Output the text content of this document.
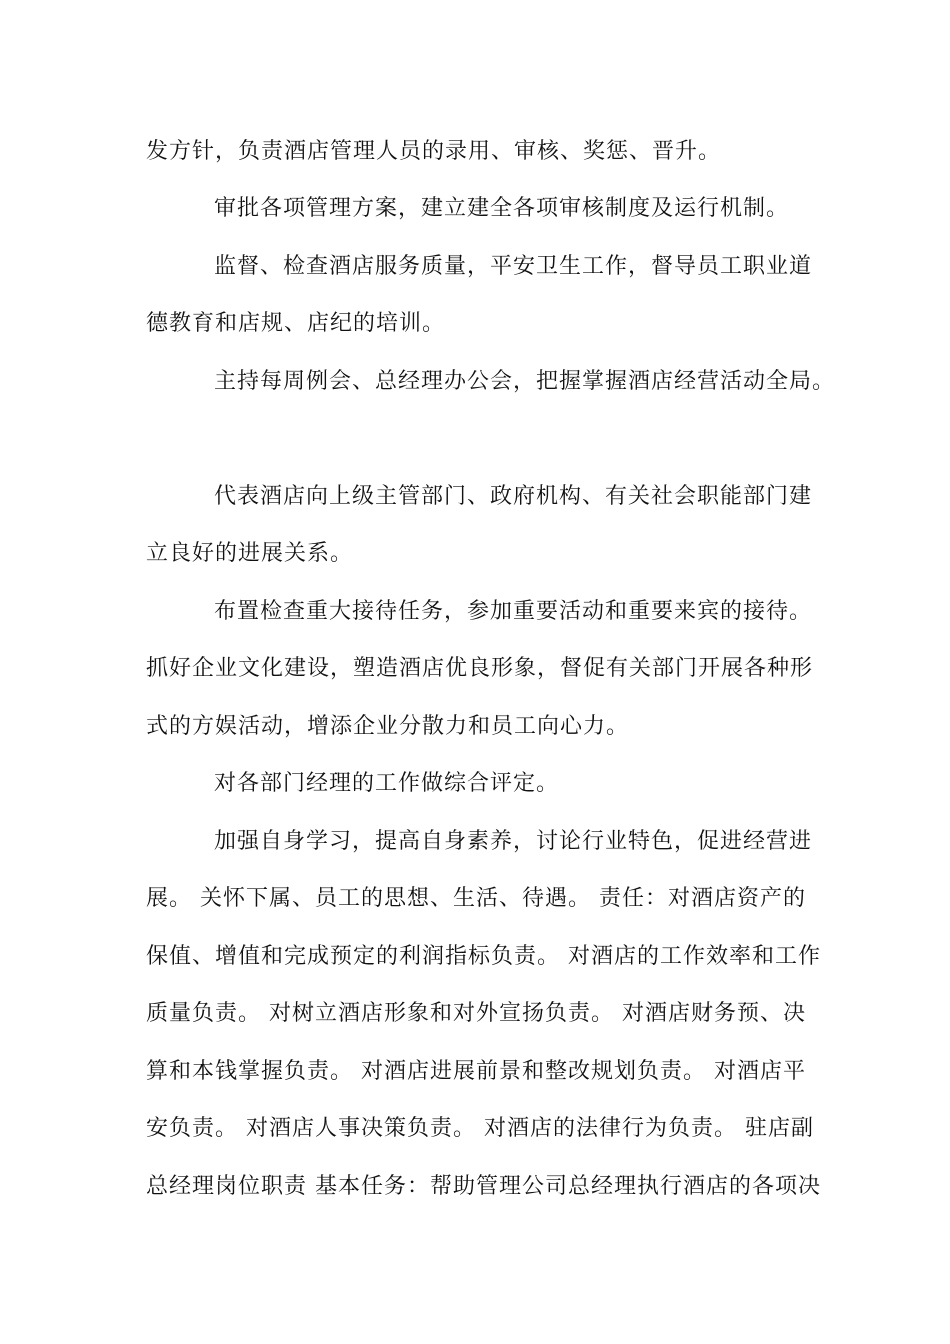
发方针，负责酒店管理人员的录用、审核、奖惩、晋升。
审批各项管理方案，建立建全各项审核制度及运行机制。
监督、检查酒店服务质量，平安卫生工作，督导员工职业道
德教育和店规、店纪的培训。
主持每周例会、总经理办公会，把握掌握酒店经营活动全局。
代表酒店向上级主管部门、政府机构、有关社会职能部门建
立良好的进展关系。
布置检查重大接待任务，参加重要活动和重要来宾的接待。
抓好企业文化建设，塑造酒店优良形象，督促有关部门开展各种形
式的方娱活动，增添企业分散力和员工向心力。
对各部门经理的工作做综合评定。
加强自身学习，提高自身素养，讨论行业特色，促进经营进
展。 关怀下属、员工的思想、生活、待遇。 责任：对酒店资产的
保值、增值和完成预定的利润指标负责。 对酒店的工作效率和工作
质量负责。 对树立酒店形象和对外宣扬负责。 对酒店财务预、决
算和本钱掌握负责。 对酒店进展前景和整改规划负责。 对酒店平
安负责。 对酒店人事决策负责。 对酒店的法律行为负责。 驻店副
总经理岗位职责 基本任务：帮助管理公司总经理执行酒店的各项决
